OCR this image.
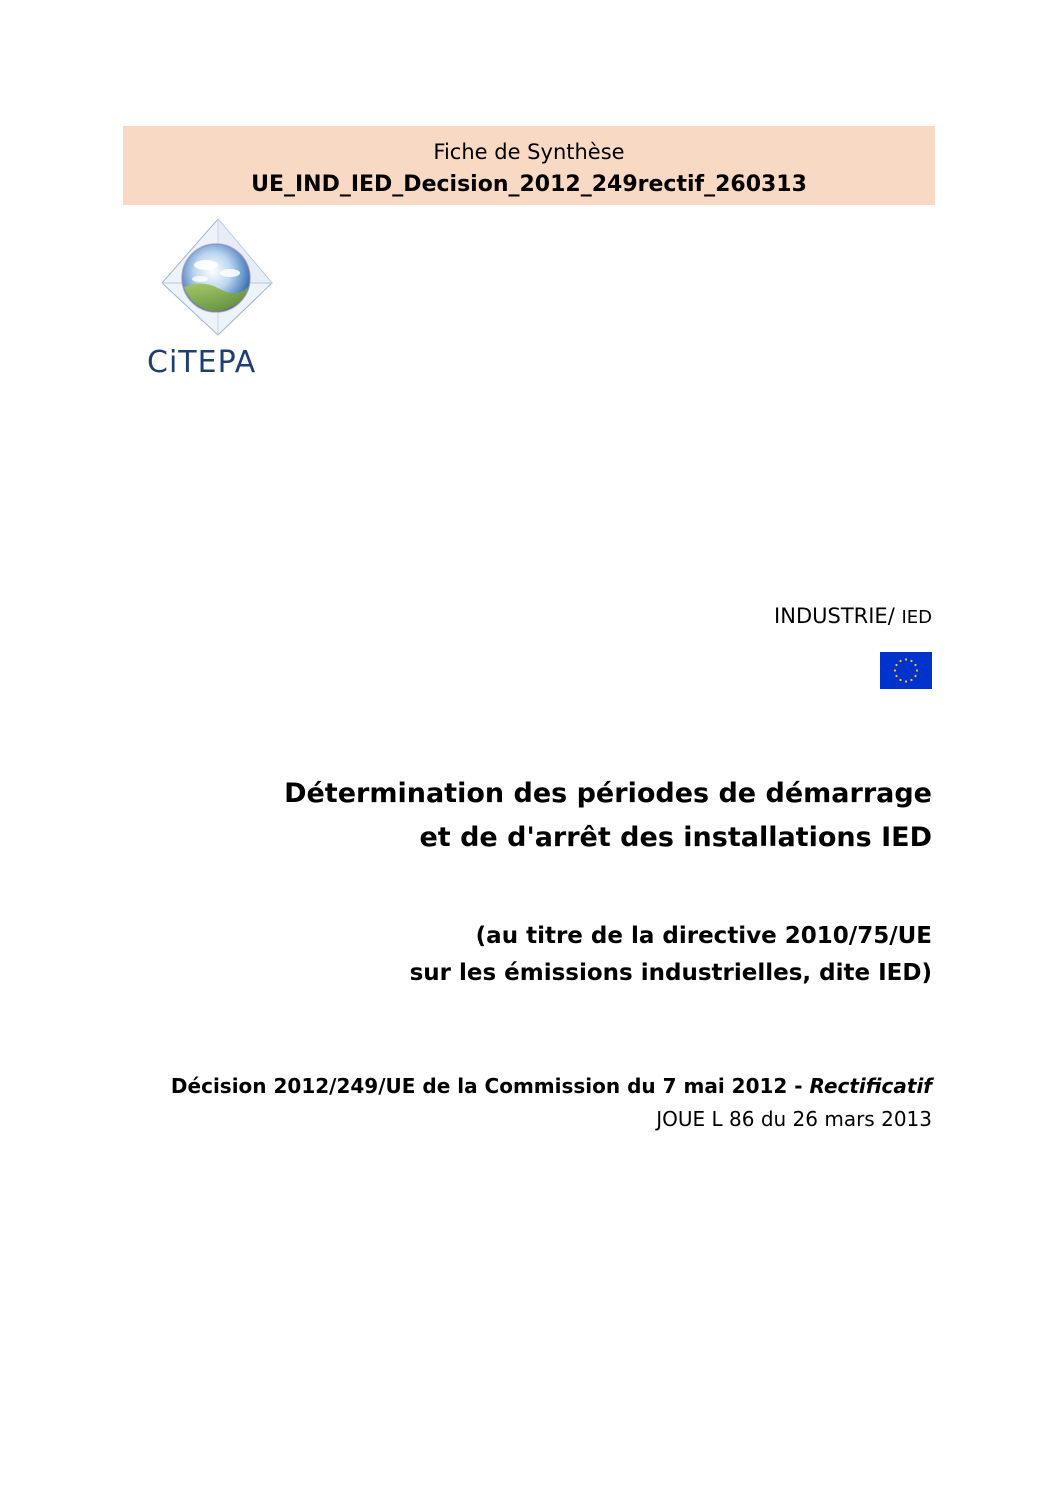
Fiche de Synthèse
UE_IND_IED_Decision_2012_249rectif_260313
CiTEPA
INDUSTRIE/ IED
Détermination des périodes de démarrage
et de d'arrêt des installations IED
(au titre de la directive 2010/75/UE
sur les émissions industrielles, dite IED)
Décision 2012/249/UE de la Commission du 7 mai 2012 - Rectificatif
JOUE L 86 du 26 mars 2013
